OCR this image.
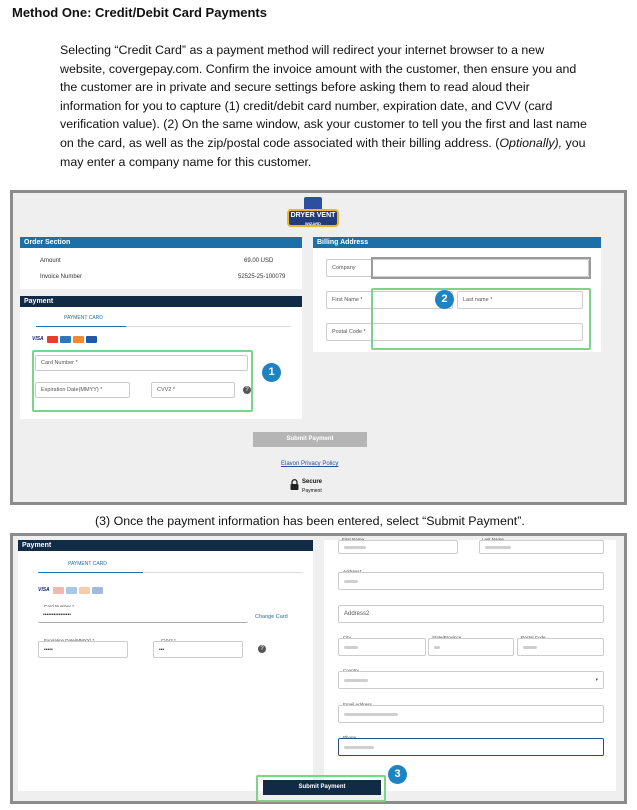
Method One: Credit/Debit Card Payments

Selecting “Credit Card” as a payment method will redirect your internet browser to a new
website, covergepay.com. Confirm the invoice amount with the customer, then ensure you and
the customer are in private and secure settings before asking them to read aloud their
information for you to capture (1) credit/debit card number, expiration date, and CVV (card
verification value). (2) On the same window, ask your customer to tell you the first and last name
on the card, as well as the zip/postal code associated with their billing address. (Optionally), you
may enter a company name for this customer.

DRYER VENT
WIZARD
Order Section
Amount	69.00 USD
Invoice Number	52525-25-100079
Payment
PAYMENT CARD
VISA
Card Number *
Expiration Date(MMYY) *	CVV2 *	?
Billing Address
Company
First Name *	Last name *
Postal Code *
1
2
Submit Payment
Elavon Privacy Policy
Secure
Payment
(3) Once the payment information has been entered, select “Submit Payment”.
Payment
PAYMENT CARD
VISA
••••••••••••••••	Change Card
•••••	•••	?
Address2
▾
Submit Payment
3
